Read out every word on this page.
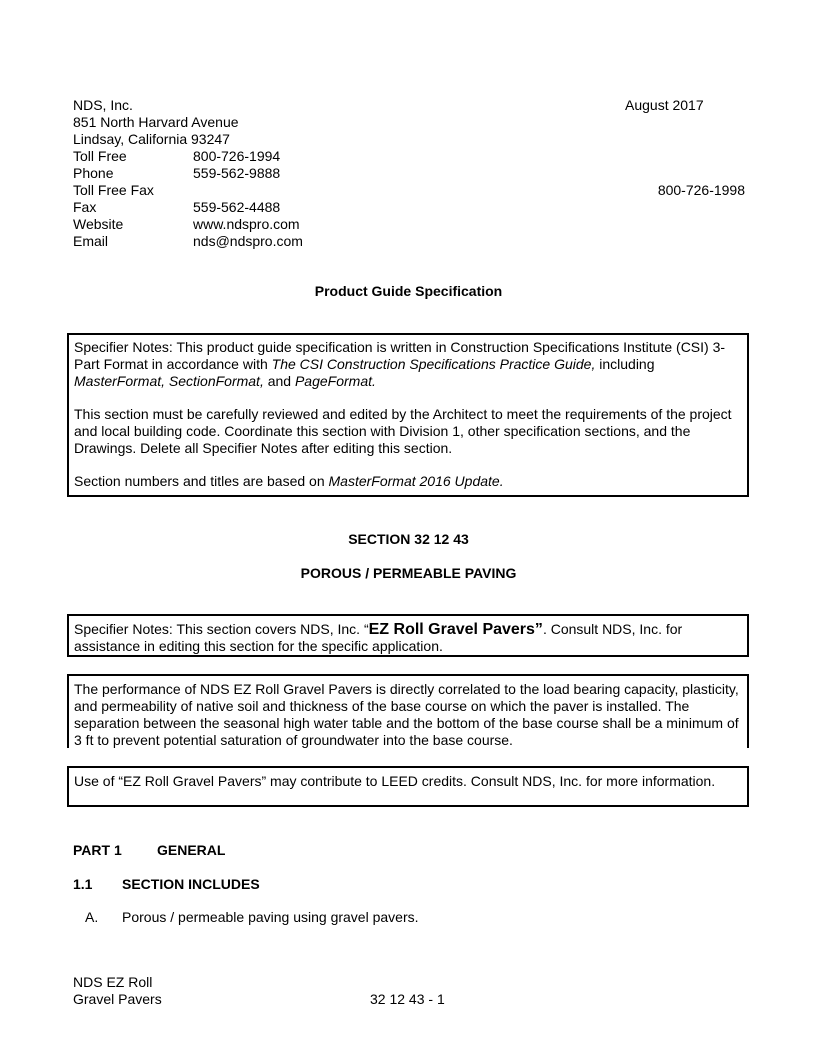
NDS, Inc.	August 2017
851 North Harvard Avenue
Lindsay, California 93247
Toll Free	800-726-1994
Phone	559-562-9888
Toll Free Fax	800-726-1998
Fax	559-562-4488
Website	www.ndspro.com
Email	nds@ndspro.com
Product Guide Specification

Specifier Notes: This product guide specification is written in Construction Specifications Institute (CSI) 3-Part Format in accordance with The CSI Construction Specifications Practice Guide, including MasterFormat, SectionFormat, and PageFormat.

This section must be carefully reviewed and edited by the Architect to meet the requirements of the project and local building code. Coordinate this section with Division 1, other specification sections, and the Drawings. Delete all Specifier Notes after editing this section.

Section numbers and titles are based on MasterFormat 2016 Update.

SECTION 32 12 43
POROUS / PERMEABLE PAVING

Specifier Notes: This section covers NDS, Inc. “EZ Roll Gravel Pavers”. Consult NDS, Inc. for assistance in editing this section for the specific application.

The performance of NDS EZ Roll Gravel Pavers is directly correlated to the load bearing capacity, plasticity, and permeability of native soil and thickness of the base course on which the paver is installed. The separation between the seasonal high water table and the bottom of the base course shall be a minimum of 3 ft to prevent potential saturation of groundwater into the base course.

Use of “EZ Roll Gravel Pavers” may contribute to LEED credits. Consult NDS, Inc. for more information.

PART 1	GENERAL
1.1 SECTION INCLUDES
A. Porous / permeable paving using gravel pavers.
NDS EZ Roll
Gravel Pavers	32 12 43 - 1
